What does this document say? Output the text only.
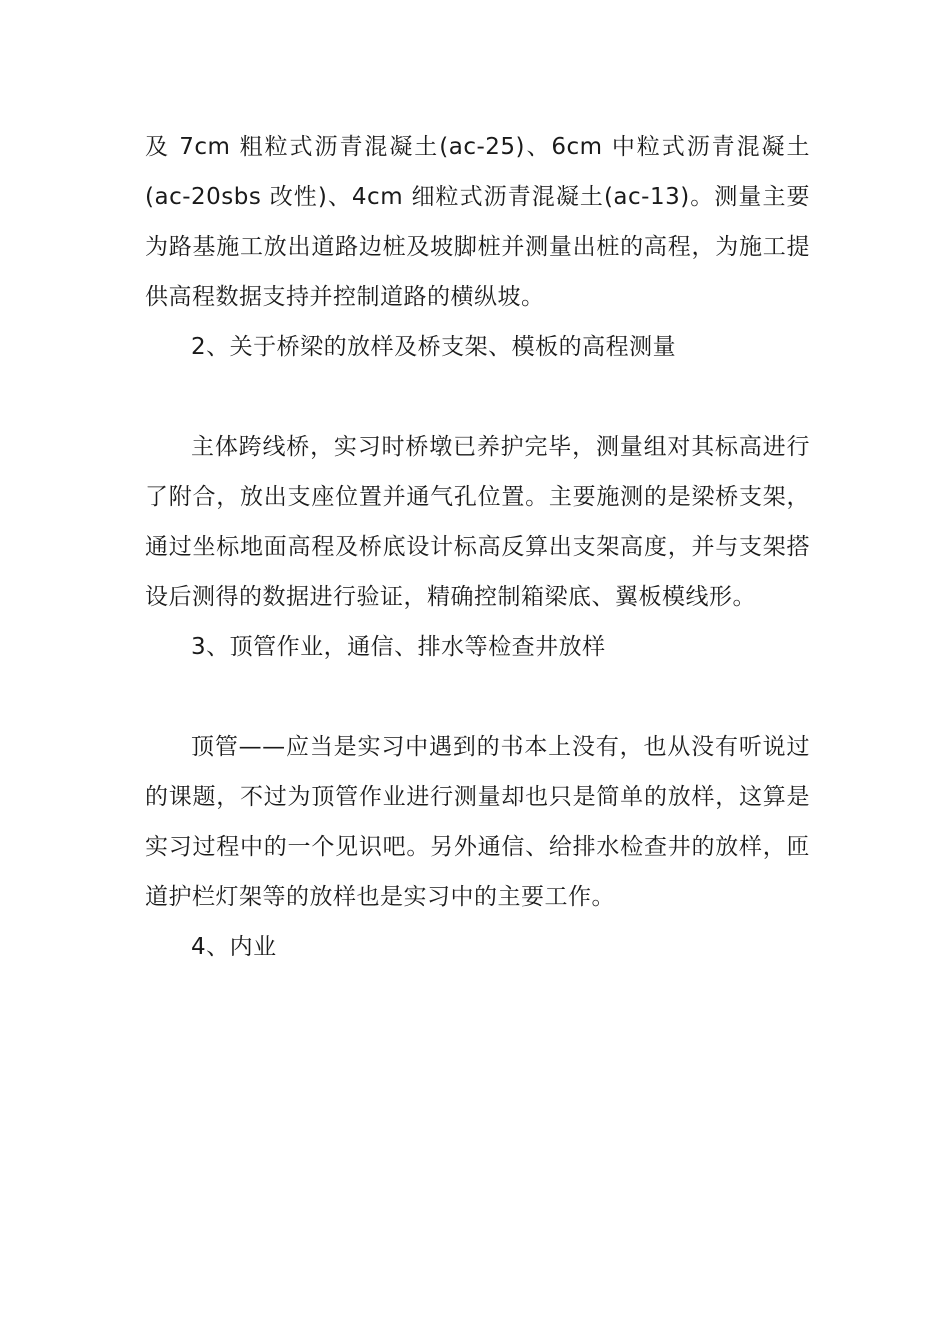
及 7cm 粗粒式沥青混凝土(ac-25)、6cm 中粒式沥青混凝土(ac-20sbs 改性)、4cm 细粒式沥青混凝土(ac-13)。测量主要为路基施工放出道路边桩及坡脚桩并测量出桩的高程，为施工提供高程数据支持并控制道路的横纵坡。

2、关于桥梁的放样及桥支架、模板的高程测量

主体跨线桥，实习时桥墩已养护完毕，测量组对其标高进行了附合，放出支座位置并通气孔位置。主要施测的是梁桥支架，通过坐标地面高程及桥底设计标高反算出支架高度，并与支架搭设后测得的数据进行验证，精确控制箱梁底、翼板模线形。

3、顶管作业，通信、排水等检查井放样

顶管——应当是实习中遇到的书本上没有，也从没有听说过的课题，不过为顶管作业进行测量却也只是简单的放样，这算是实习过程中的一个见识吧。另外通信、给排水检查井的放样，匝道护栏灯架等的放样也是实习中的主要工作。

4、内业
